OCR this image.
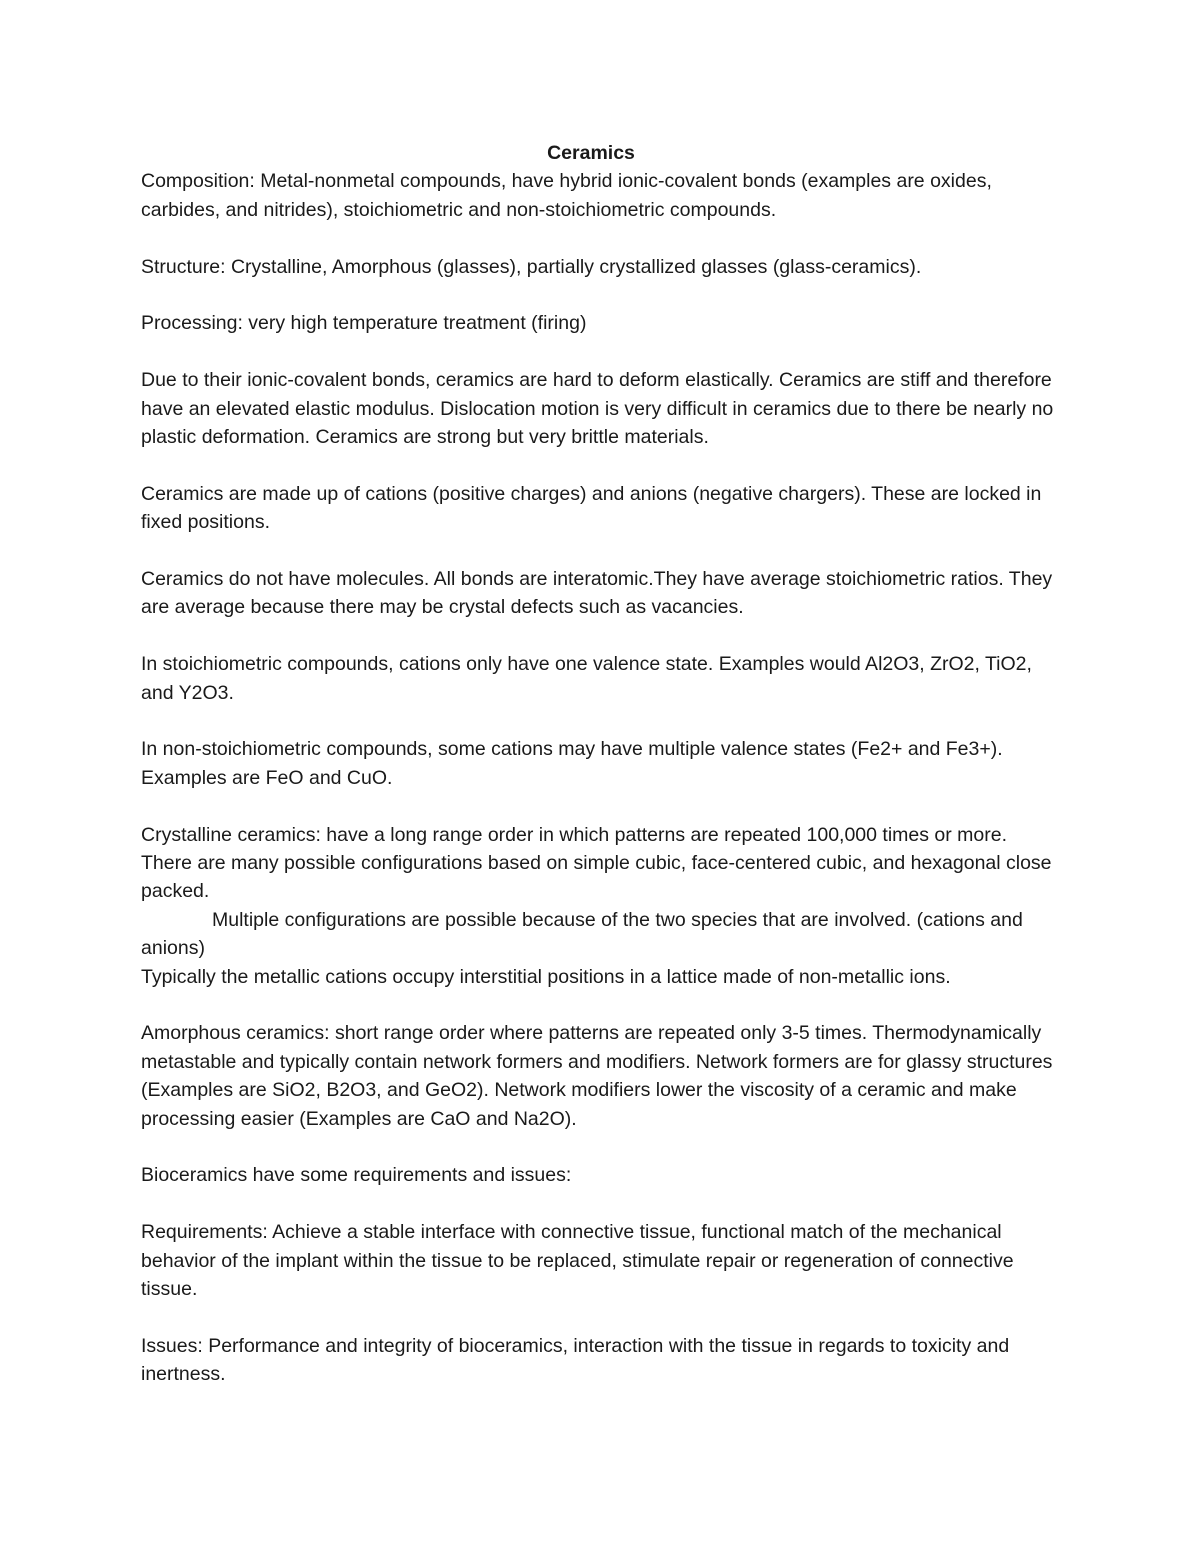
Ceramics

Composition: Metal-nonmetal compounds, have hybrid ionic-covalent bonds (examples are oxides, carbides, and nitrides), stoichiometric and non-stoichiometric compounds.

Structure: Crystalline, Amorphous (glasses), partially crystallized glasses (glass-ceramics).

Processing: very high temperature treatment (firing)

Due to their ionic-covalent bonds, ceramics are hard to deform elastically. Ceramics are stiff and therefore have an elevated elastic modulus. Dislocation motion is very difficult in ceramics due to there be nearly no plastic deformation. Ceramics are strong but very brittle materials.

Ceramics are made up of cations (positive charges) and anions (negative chargers). These are locked in fixed positions.

Ceramics do not have molecules. All bonds are interatomic.They have average stoichiometric ratios. They are average because there may be crystal defects such as vacancies.

In stoichiometric compounds, cations only have one valence state. Examples would Al2O3, ZrO2, TiO2, and Y2O3.

In non-stoichiometric compounds, some cations may have multiple valence states (Fe2+ and Fe3+). Examples are FeO and CuO.

Crystalline ceramics: have a long range order in which patterns are repeated 100,000 times or more. There are many possible configurations based on simple cubic, face-centered cubic, and hexagonal close packed.

Multiple configurations are possible because of the two species that are involved. (cations and anions)

Typically the metallic cations occupy interstitial positions in a lattice made of non-metallic ions.

Amorphous ceramics: short range order where patterns are repeated only 3-5 times. Thermodynamically metastable and typically contain network formers and modifiers. Network formers are for glassy structures (Examples are SiO2, B2O3, and GeO2). Network modifiers lower the viscosity of a ceramic and make processing easier (Examples are CaO and Na2O).

Bioceramics have some requirements and issues:

Requirements: Achieve a stable interface with connective tissue, functional match of the mechanical behavior of the implant within the tissue to be replaced, stimulate repair or regeneration of connective tissue.

Issues: Performance and integrity of bioceramics, interaction with the tissue in regards to toxicity and inertness.
